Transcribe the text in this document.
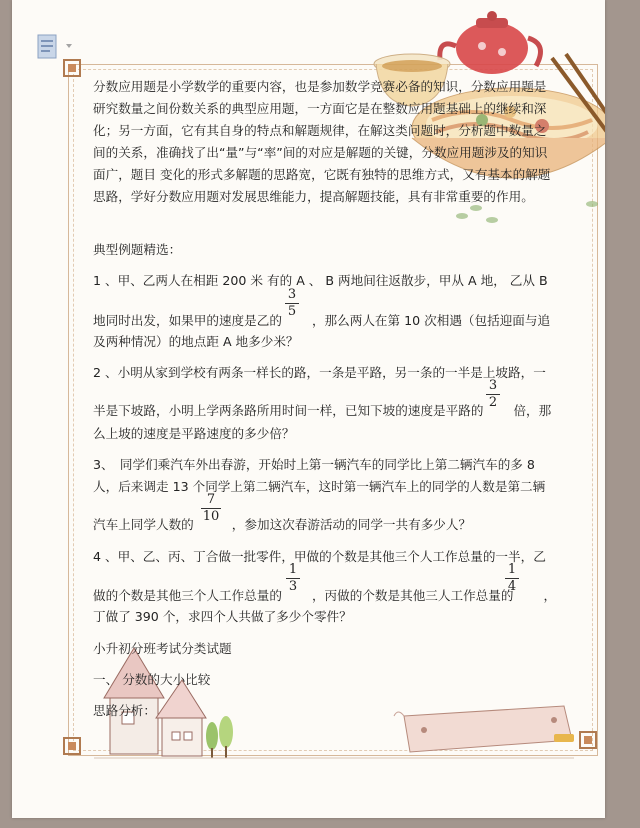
分数应用题是小学数学的重要内容，也是参加数学竞赛必备的知识，分数应用题是研究数量之间份数关系的典型应用题，一方面它是在整数应用题基础上的继续和深化；另一方面，它有其自身的特点和解题规律，在解这类问题时，分析题中数量之间的关系，准确找了出“量”与“率”间的对应是解题的关键，分数应用题涉及的知识面广，题目 变化的形式多解题的思路宽，它既有独特的思维方式，又有基本的解题思路，学好分数应用题对发展思维能力，提高解题技能，具有非常重要的作用。
典型例题精选：
1 、甲、乙两人在相距 200 米 有的 A 、 B 两地间往返散步，甲从 A 地， 乙从 B
地同时出发，如果甲的速度是乙的 ，那么两人在第 10 次相遇（包括迎面与追
3
5
及两种情况）的地点距 A 地多少米？
2 、小明从家到学校有两条一样长的路，一条是平路，另一条的一半是上坡路，一
半是下坡路，小明上学两条路所用时间一样，已知下坡的速度是平路的 倍，那
3
2
么上坡的速度是平路速度的多少倍？
3、　同学们乘汽车外出春游，开始时上第一辆汽车的同学比上第二辆汽车的多 8
人，后来调走 13 个同学上第二辆汽车，这时第一辆汽车上的同学的人数是第二辆
汽车上同学人数的	，参加这次春游活动的同学一共有多少人？
7
10
4 、甲、乙、丙、丁合做一批零件，甲做的个数是其他三个人工作总量的一半，乙
做的个数是其他三个人工作总量的 ，丙做的个数是其他三人工作总量的 ，
1
3
1
4
丁做了 390 个，求四个人共做了多少个零件？
小升初分班考试分类试题
一、 分数的大小比较
思路分析：
